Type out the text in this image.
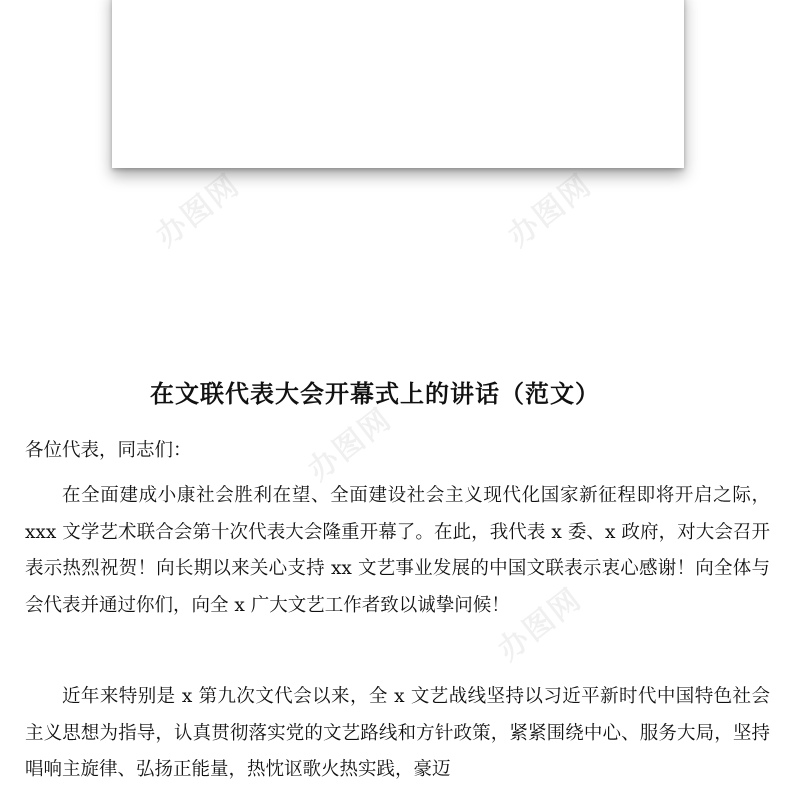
办图网	办图网
办图网
办图网
在文联代表大会开幕式上的讲话（范文）

各位代表，同志们：

在全面建成小康社会胜利在望、全面建设社会主义现代化国家新征程即将开启之际，xxx 文学艺术联合会第十次代表大会隆重开幕了。在此，我代表 x 委、x 政府，对大会召开表示热烈祝贺！向长期以来关心支持 xx 文艺事业发展的中国文联表示衷心感谢！向全体与会代表并通过你们，向全 x 广大文艺工作者致以诚挚问候！

近年来特别是 x 第九次文代会以来，全 x 文艺战线坚持以习近平新时代中国特色社会主义思想为指导，认真贯彻落实党的文艺路线和方针政策，紧紧围绕中心、服务大局，坚持唱响主旋律、弘扬正能量，热忱讴歌火热实践，豪迈
